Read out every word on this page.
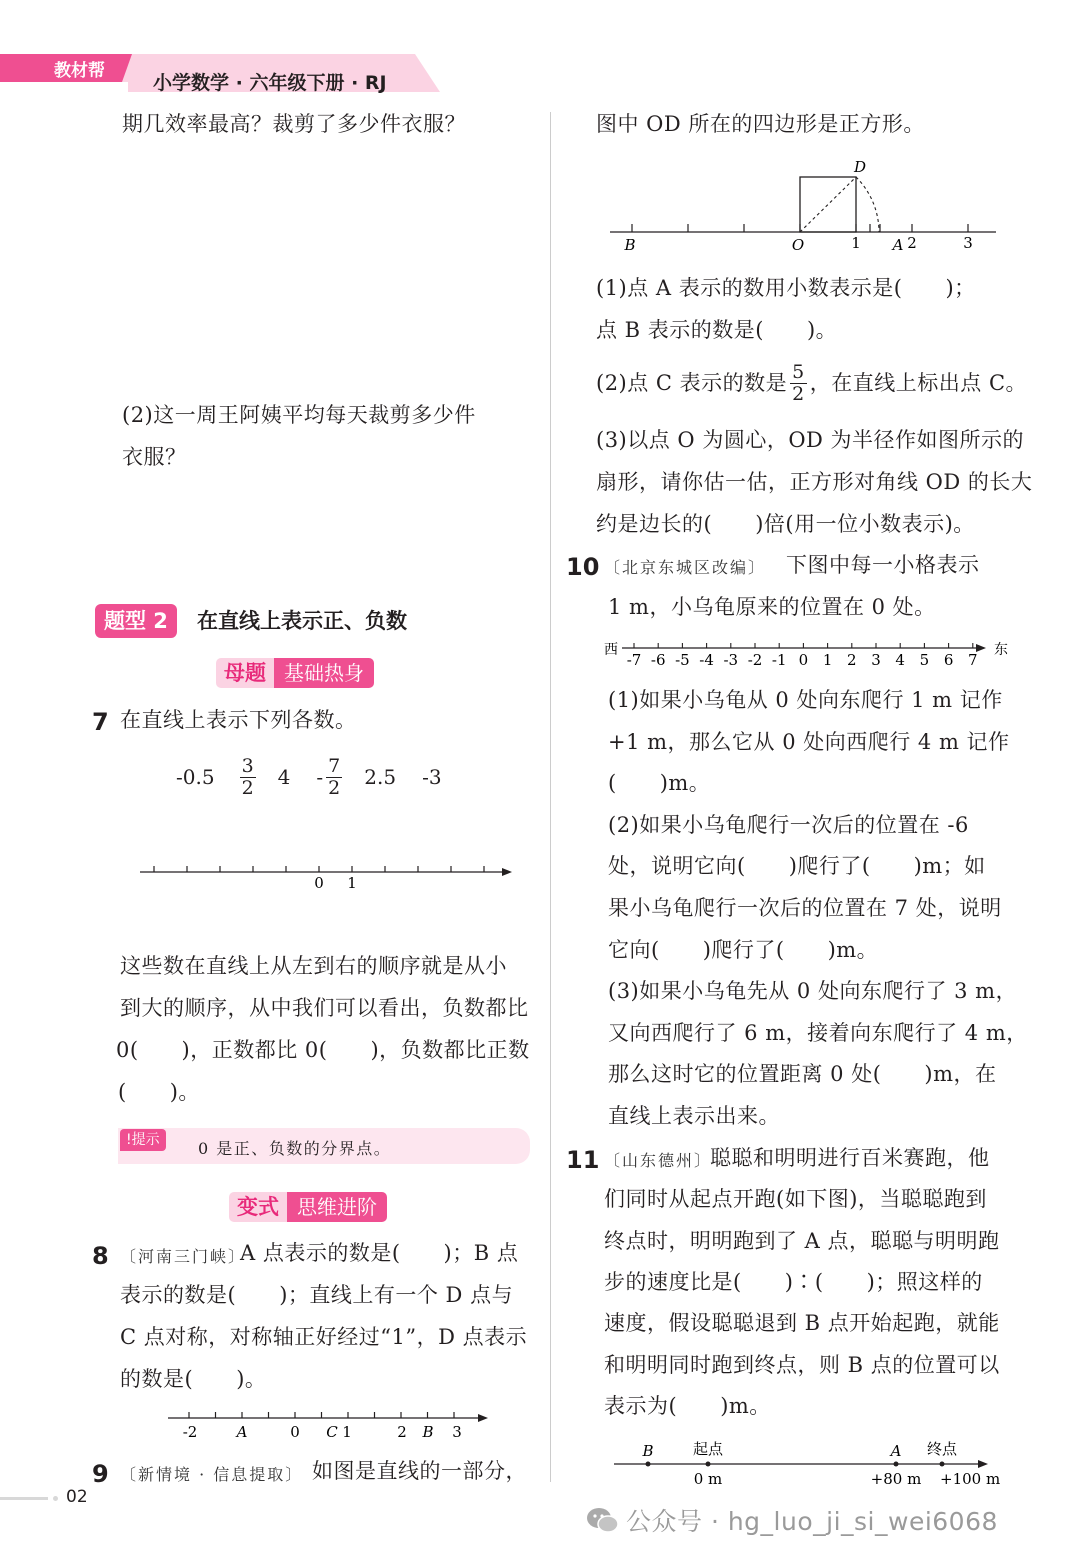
教材帮
小学数学 · 六年级下册 · RJ
期几效率最高？裁剪了多少件衣服？
(2)这一周王阿姨平均每天裁剪多少件
衣服？
题型 2	在直线上表示正、负数
母题 基础热身
7 在直线上表示下列各数。
$-0.5 \frac{3}{2} 4 - \frac{7}{2} 2.5$ -3
0 1
这些数在直线上从左到右的顺序就是从小
到大的顺序，从中我们可以看出，负数都比
0(　　)，正数都比 0(　　)，负数都比正数
(　　)。
!提示	0 是正、负数的分界点。
变式 思维进阶
8 〔河南三门峡〕
A 点表示的数是(　　)；B 点
表示的数是(　　)；直线上有一个 D 点与
C 点对称，对称轴正好经过“1”，D 点表示
的数是(　　)。
-2	A	0 C 1	2 B 3
9 〔新情境 · 信息提取〕 如图是直线的一部分，
图中 OD 所在的四边形是正方形。
D
B	O	1 A 2	3
(1)点 A 表示的数用小数表示是(　　)；
点 B 表示的数是(　　)。
(2)点 C 表示的数是 $\frac{5}{2}$ ，在直线上标出点 C。
(3)以点 O 为圆心，OD 为半径作如图所示的
扇形，请你估一估，正方形对角线 OD 的长大
约是边长的(　　)倍(用一位小数表示)。
10 〔北京东城区改编〕 下图中每一小格表示
1 m，小乌龟原来的位置在 0 处。
西	东
-7 -6 -5 -4 -3 -2 -1 0 1 2 3 4 5 6 7
(1)如果小乌龟从 0 处向东爬行 1 m 记作
+1 m，那么它从 0 处向西爬行 4 m 记作
(　　)m。
(2)如果小乌龟爬行一次后的位置在 -6
处，说明它向(　　)爬行了(　　)m；如
果小乌龟爬行一次后的位置在 7 处，说明
它向(　　)爬行了(　　)m。
(3)如果小乌龟先从 0 处向东爬行了 3 m，
又向西爬行了 6 m，接着向东爬行了 4 m，
那么这时它的位置距离 0 处(　　)m，在
直线上表示出来。
11 〔山东德州〕
聪聪和明明进行百米赛跑，他
们同时从起点开跑(如下图)，当聪聪跑到
终点时，明明跑到了 A 点，聪聪与明明跑
步的速度比是(　　)∶(　　)；照这样的
速度，假设聪聪退到 B 点开始起跑，就能
和明明同时跑到终点，则 B 点的位置可以
表示为(　　)m。
B	起点	A 终点
0 m	+80 m +100 m
02
公众号 · hg_luo_ji_si_wei6068
